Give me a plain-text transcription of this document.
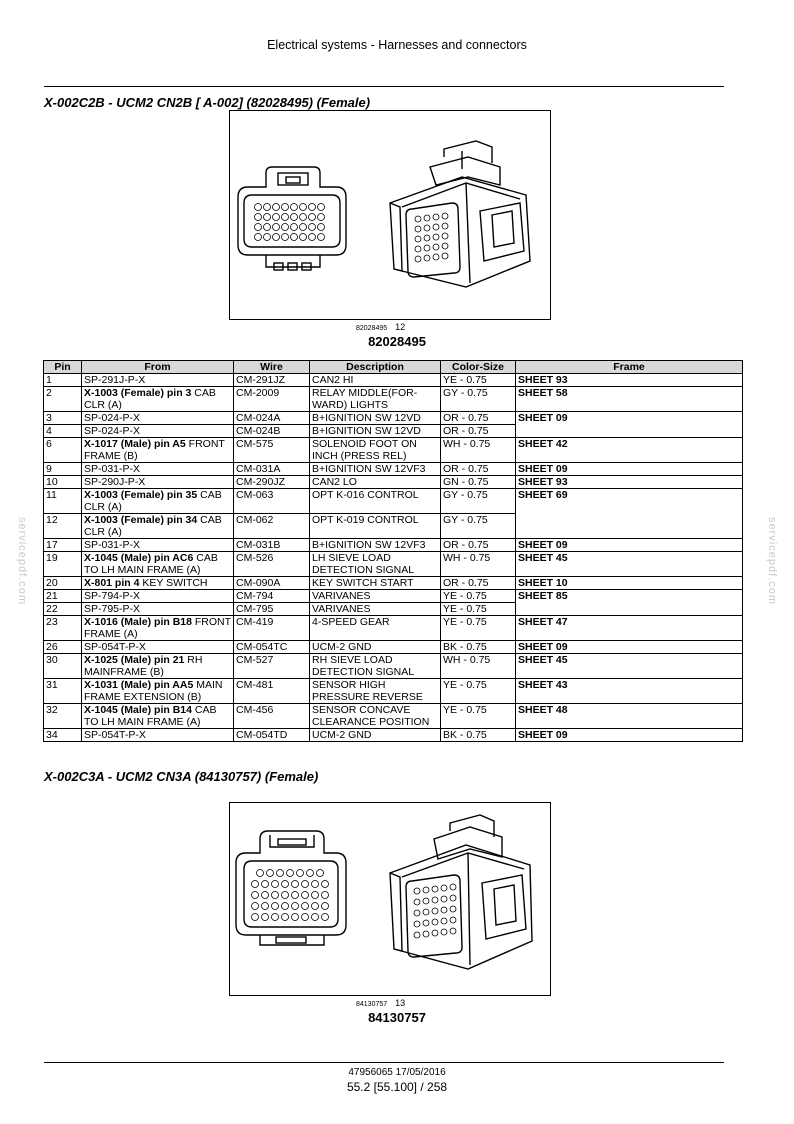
Electrical systems - Harnesses and connectors
X-002C2B - UCM2 CN2B [ A-002] (82028495) (Female)
82028495 12
82028495
Pin	From	Wire	Description	Color-Size	Frame
1	SP-291J-P-X	CM-291JZ	CAN2 HI	YE - 0.75	SHEET 93
2	X-1003 (Female) pin 3 CAB CLR (A)	CM-2009	RELAY MIDDLE(FOR-WARD) LIGHTS	GY - 0.75	SHEET 58
3	SP-024-P-X	CM-024A	B+IGNITION SW 12VD	OR - 0.75	SHEET 09
4	SP-024-P-X	CM-024B	B+IGNITION SW 12VD	OR - 0.75	
6	X-1017 (Male) pin A5 FRONT FRAME (B)	CM-575	SOLENOID FOOT ON INCH (PRESS REL)	WH - 0.75	SHEET 42
9	SP-031-P-X	CM-031A	B+IGNITION SW 12VF3	OR - 0.75	SHEET 09
10	SP-290J-P-X	CM-290JZ	CAN2 LO	GN - 0.75	SHEET 93
11	X-1003 (Female) pin 35 CAB CLR (A)	CM-063	OPT K-016 CONTROL	GY - 0.75	SHEET 69
12	X-1003 (Female) pin 34 CAB CLR (A)	CM-062	OPT K-019 CONTROL	GY - 0.75	
17	SP-031-P-X	CM-031B	B+IGNITION SW 12VF3	OR - 0.75	SHEET 09
19	X-1045 (Male) pin AC6 CAB TO LH MAIN FRAME (A)	CM-526	LH SIEVE LOAD DETECTION SIGNAL	WH - 0.75	SHEET 45
20	X-801 pin 4 KEY SWITCH	CM-090A	KEY SWITCH START	OR - 0.75	SHEET 10
21	SP-794-P-X	CM-794	VARIVANES	YE - 0.75	SHEET 85
22	SP-795-P-X	CM-795	VARIVANES	YE - 0.75	
23	X-1016 (Male) pin B18 FRONT FRAME (A)	CM-419	4-SPEED GEAR	YE - 0.75	SHEET 47
26	SP-054T-P-X	CM-054TC	UCM-2 GND	BK - 0.75	SHEET 09
30	X-1025 (Male) pin 21 RH MAINFRAME (B)	CM-527	RH SIEVE LOAD DETECTION SIGNAL	WH - 0.75	SHEET 45
31	X-1031 (Male) pin AA5 MAIN FRAME EXTENSION (B)	CM-481	SENSOR HIGH PRESSURE REVERSE	YE - 0.75	SHEET 43
32	X-1045 (Male) pin B14 CAB TO LH MAIN FRAME (A)	CM-456	SENSOR CONCAVE CLEARANCE POSITION	YE - 0.75	SHEET 48
34	SP-054T-P-X	CM-054TD	UCM-2 GND	BK - 0.75	SHEET 09
X-002C3A - UCM2 CN3A (84130757) (Female)
84130757 13
84130757
47956065 17/05/2016
55.2 [55.100] / 258
servicepdf.com	servicepdf.com
